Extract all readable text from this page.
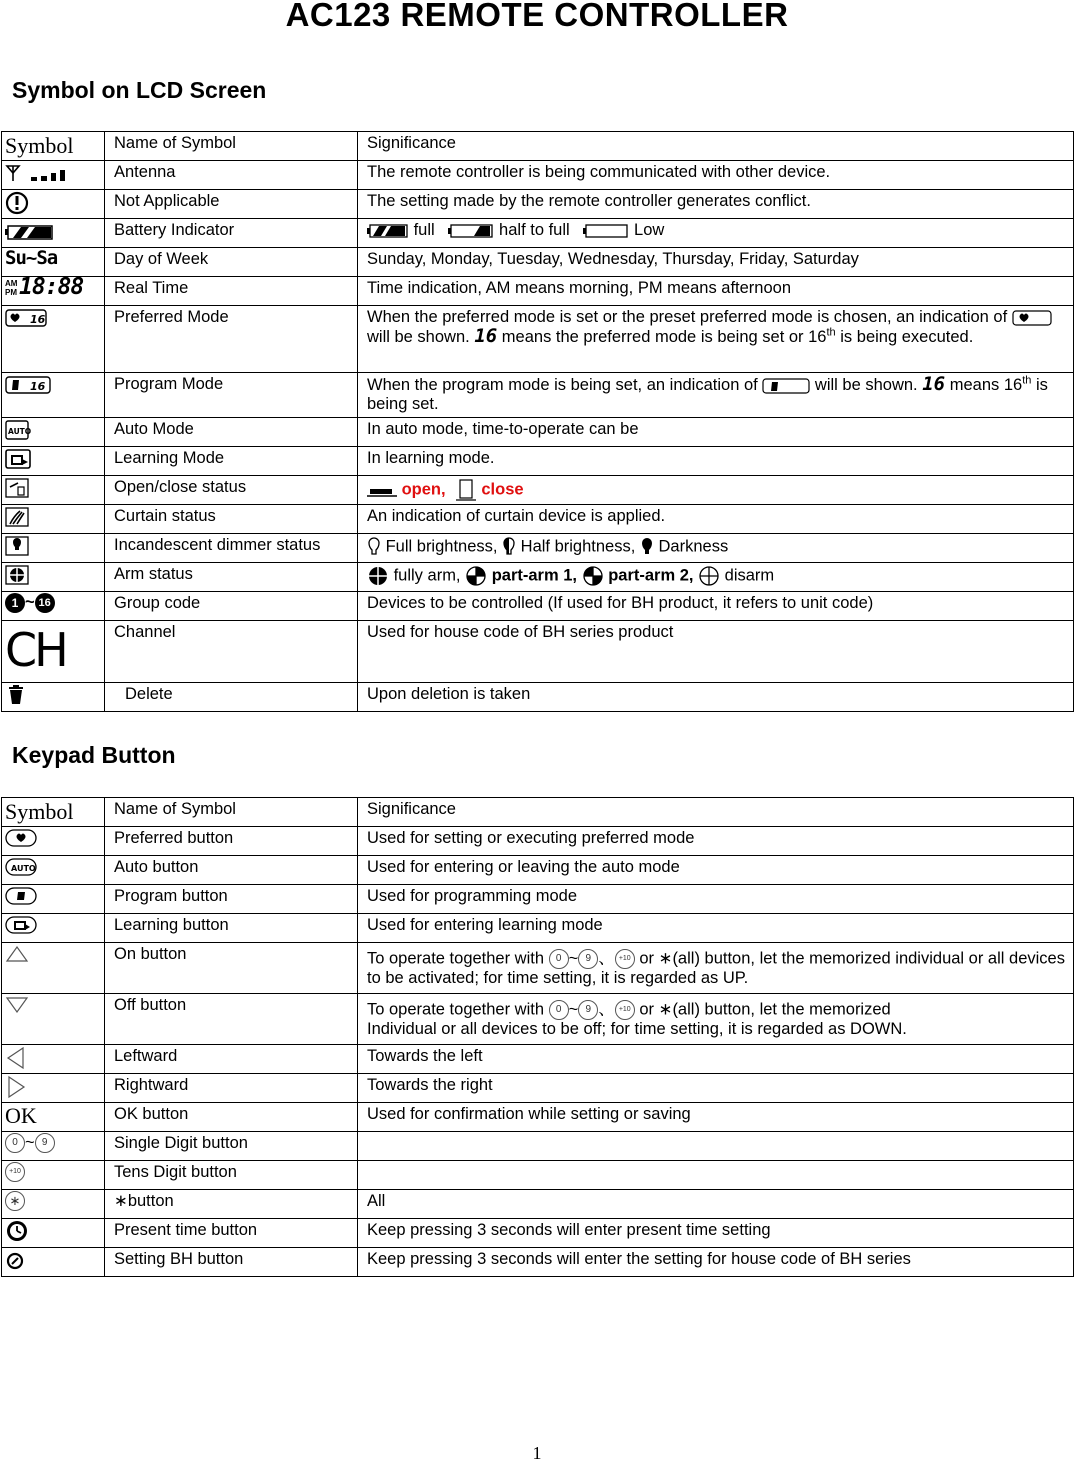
AC123 REMOTE CONTROLLER
Symbol on LCD Screen
Symbol	Name of Symbol	Significance
	Antenna	The remote controller is being communicated with other device.
	Not Applicable	The setting made by the remote controller generates conflict.
	Battery Indicator	full half to full Low
Su~Sa	Day of Week	Sunday, Monday, Tuesday, Wednesday, Thursday, Friday, Saturday
AM PM18:88	Real Time	Time indication, AM means morning, PM means afternoon

16	Preferred Mode	When the preferred mode is set or the preset preferred mode is chosen, an indication of  will be shown. 16 means the preferred mode is being set or 16th is being executed.

16	Program Mode	When the program mode is being set, an indication of will be shown. 16 means 16th is being set.

AUTO	Auto Mode	In auto mode, time-to-operate can be
	Learning Mode	In learning mode.
	Open/close status	open, close
	Curtain status	An indication of curtain device is applied.
	Incandescent dimmer status	Full brightness, Half brightness, Darkness
	Arm status	fully arm, part-arm 1, part-arm 2, disarm
1 ~ 16	Group code	Devices to be controlled (If used for BH product, it refers to unit code)
CH	Channel	Used for house code of BH series product
	Delete	Upon deletion is taken
Keypad Button
Symbol	Name of Symbol	Significance
	Preferred button	Used for setting or executing preferred mode

AUTO	Auto button	Used for entering or leaving the auto mode
	Program button	Used for programming mode
	Learning button	Used for entering learning mode
	On button	To operate together with 0 ~ 9 、 +10 or ∗(all) button, let the memorized individual or all devices to be activated; for time setting, it is regarded as UP.
	Off button	To operate together with 0 ~ 9 、 +10 or ∗(all) button, let the memorized
Individual or all devices to be off; for time setting, it is regarded as DOWN.
	Leftward	Towards the left
	Rightward	Towards the right
OK	OK button	Used for confirmation while setting or saving
0 ~ 9	Single Digit button	
+10	Tens Digit button	
∗	∗button	All
	Present time button	Keep pressing 3 seconds will enter present time setting
	Setting BH button	Keep pressing 3 seconds will enter the setting for house code of BH series
1
